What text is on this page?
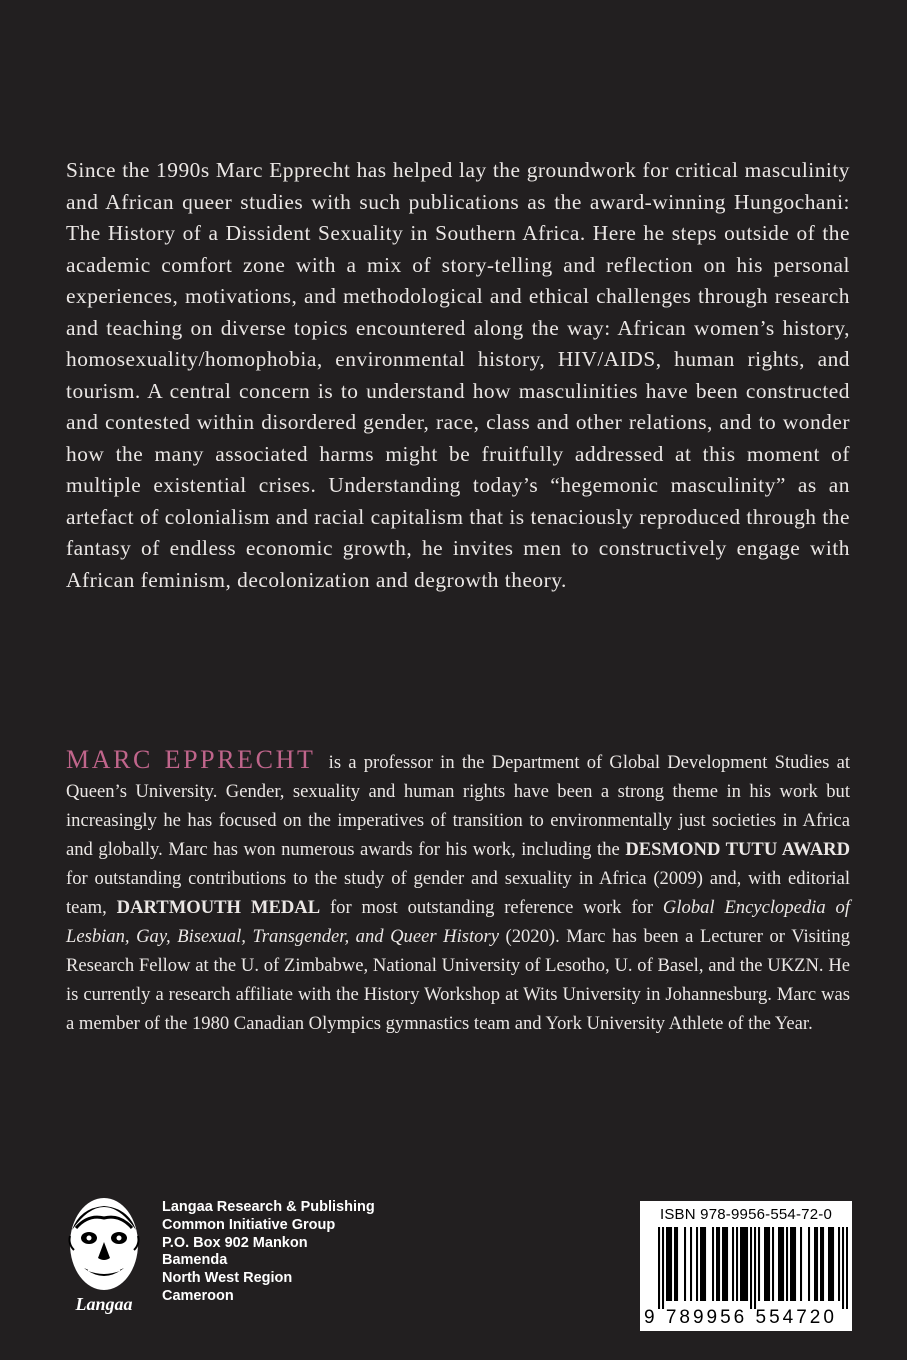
Since the 1990s Marc Epprecht has helped lay the groundwork for critical masculinity and African queer studies with such publications as the award-winning Hungochani: The History of a Dissident Sexuality in Southern Africa. Here he steps outside of the academic comfort zone with a mix of story-telling and reflection on his personal experiences, motivations, and methodological and ethical challenges through research and teaching on diverse topics encountered along the way: African women’s history, homosexuality/homophobia, environmental history, HIV/AIDS, human rights, and tourism. A central concern is to understand how masculinities have been constructed and contested within disordered gender, race, class and other relations, and to wonder how the many associated harms might be fruitfully addressed at this moment of multiple existential crises. Understanding today’s “hegemonic masculinity” as an artefact of colonialism and racial capitalism that is tenaciously reproduced through the fantasy of endless economic growth, he invites men to constructively engage with African feminism, decolonization and degrowth theory.

MARC EPPRECHT is a professor in the Department of Global Development Studies at Queen’s University. Gender, sexuality and human rights have been a strong theme in his work but increasingly he has focused on the imperatives of transition to environmentally just societies in Africa and globally. Marc has won numerous awards for his work, including the DESMOND TUTU AWARD for outstanding contributions to the study of gender and sexuality in Africa (2009) and, with editorial team, DARTMOUTH MEDAL for most outstanding reference work for Global Encyclopedia of Lesbian, Gay, Bisexual, Transgender, and Queer History (2020). Marc has been a Lecturer or Visiting Research Fellow at the U. of Zimbabwe, National University of Lesotho, U. of Basel, and the UKZN. He is currently a research affiliate with the History Workshop at Wits University in Johannesburg. Marc was a member of the 1980 Canadian Olympics gymnastics team and York University Athlete of the Year.

Langaa
Langaa Research & Publishing
Common Initiative Group
P.O. Box 902 Mankon
Bamenda
North West Region
Cameroon
ISBN 978-9956-554-72-0
9 789956 554720
